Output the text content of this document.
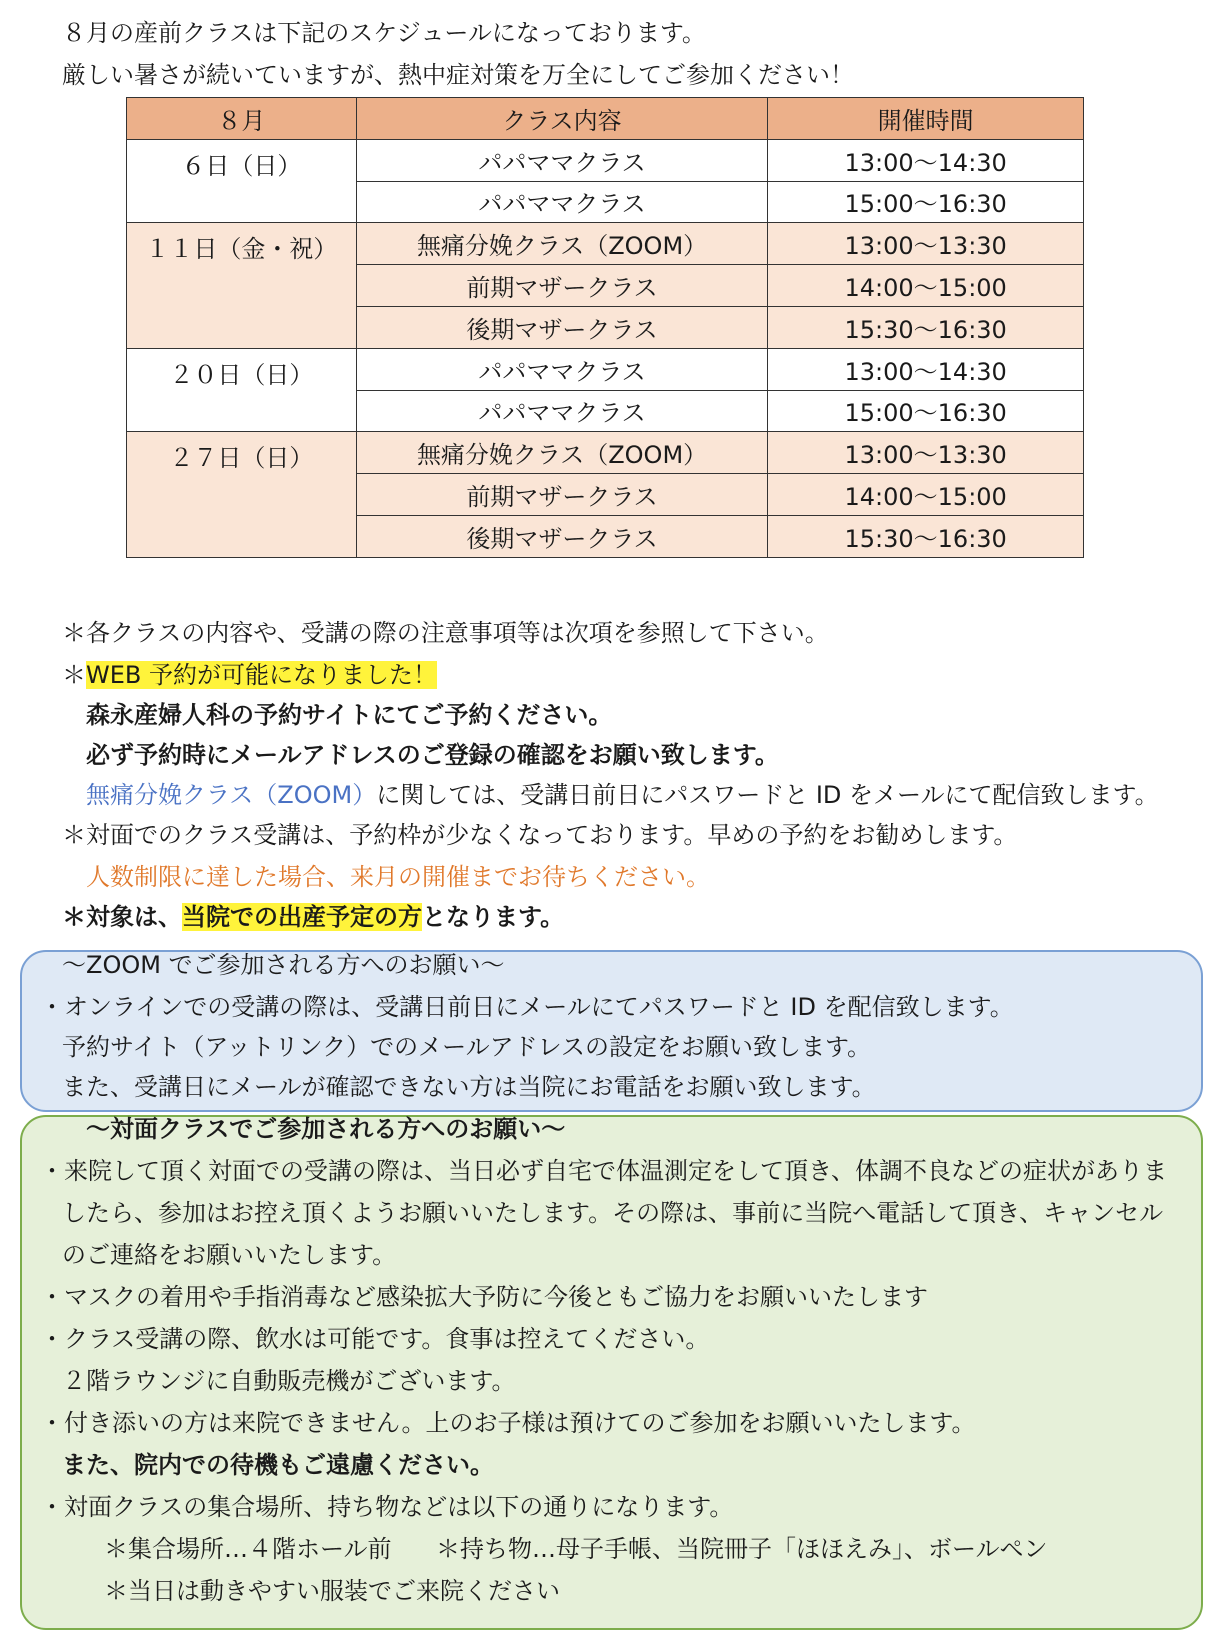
８月の産前クラスは下記のスケジュールになっております。
厳しい暑さが続いていますが、熱中症対策を万全にしてご参加ください！
８月	クラス内容	開催時間
６日（日）	パパママクラス	13:00～14:30
	パパママクラス	15:00～16:30
１１日（金・祝）	無痛分娩クラス（ZOOM）	13:00～13:30
	前期マザークラス	14:00～15:00
	後期マザークラス	15:30～16:30
２０日（日）	パパママクラス	13:00～14:30
	パパママクラス	15:00～16:30
２７日（日）	無痛分娩クラス（ZOOM）	13:00～13:30
	前期マザークラス	14:00～15:00
	後期マザークラス	15:30～16:30
＊各クラスの内容や、受講の際の注意事項等は次項を参照して下さい。
＊WEB 予約が可能になりました！
森永産婦人科の予約サイトにてご予約ください。
必ず予約時にメールアドレスのご登録の確認をお願い致します。
無痛分娩クラス（ZOOM）に関しては、受講日前日にパスワードと ID をメールにて配信致します。
＊対面でのクラス受講は、予約枠が少なくなっております。早めの予約をお勧めします。
人数制限に達した場合、来月の開催までお待ちください。
＊対象は、当院での出産予定の方となります。
～ZOOM でご参加される方へのお願い～
・オンラインでの受講の際は、受講日前日にメールにてパスワードと ID を配信致します。
予約サイト（アットリンク）でのメールアドレスの設定をお願い致します。
また、受講日にメールが確認できない方は当院にお電話をお願い致します。
～対面クラスでご参加される方へのお願い～
・来院して頂く対面での受講の際は、当日必ず自宅で体温測定をして頂き、体調不良などの症状がありま
したら、参加はお控え頂くようお願いいたします。その際は、事前に当院へ電話して頂き、キャンセル
のご連絡をお願いいたします。
・マスクの着用や手指消毒など感染拡大予防に今後ともご協力をお願いいたします
・クラス受講の際、飲水は可能です。食事は控えてください。
２階ラウンジに自動販売機がございます。
・付き添いの方は来院できません。上のお子様は預けてのご参加をお願いいたします。
また、院内での待機もご遠慮ください。
・対面クラスの集合場所、持ち物などは以下の通りになります。
＊集合場所…４階ホール前 ＊持ち物…母子手帳、当院冊子「ほほえみ」、ボールペン
＊当日は動きやすい服装でご来院ください
